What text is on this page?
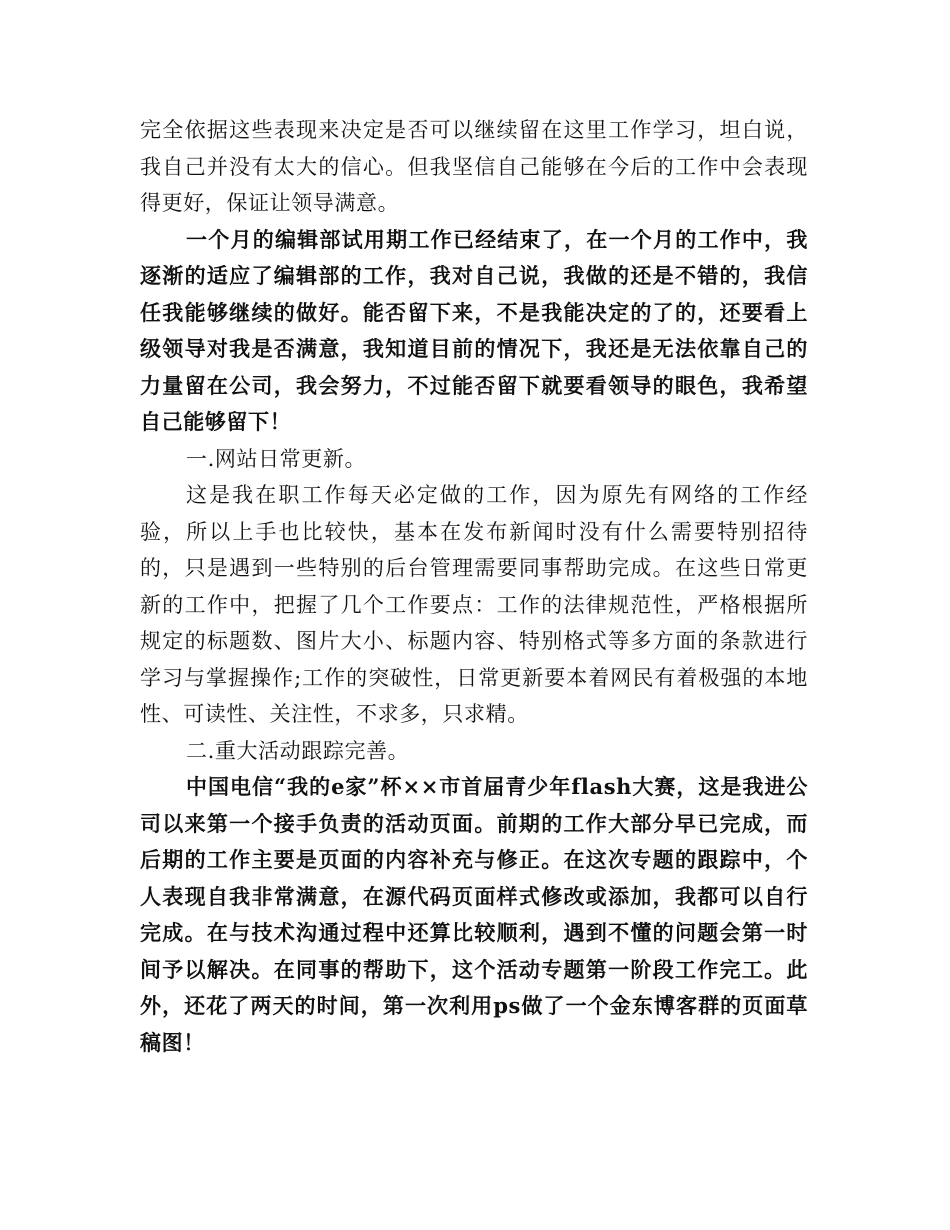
完全依据这些表现来决定是否可以继续留在这里工作学习，坦白说，我自己并没有太大的信心。但我坚信自己能够在今后的工作中会表现得更好，保证让领导满意。

一个月的编辑部试用期工作已经结束了，在一个月的工作中，我逐渐的适应了编辑部的工作，我对自己说，我做的还是不错的，我信任我能够继续的做好。能否留下来，不是我能决定的了的，还要看上级领导对我是否满意，我知道目前的情况下，我还是无法依靠自己的力量留在公司，我会努力，不过能否留下就要看领导的眼色，我希望自己能够留下！

一.网站日常更新。

这是我在职工作每天必定做的工作，因为原先有网络的工作经验，所以上手也比较快，基本在发布新闻时没有什么需要特别招待的，只是遇到一些特别的后台管理需要同事帮助完成。在这些日常更新的工作中，把握了几个工作要点：工作的法律规范性，严格根据所规定的标题数、图片大小、标题内容、特别格式等多方面的条款进行学习与掌握操作;工作的突破性，日常更新要本着网民有着极强的本地性、可读性、关注性，不求多，只求精。

二.重大活动跟踪完善。

中国电信“我的e家”杯××市首届青少年flash大赛，这是我进公司以来第一个接手负责的活动页面。前期的工作大部分早已完成，而后期的工作主要是页面的内容补充与修正。在这次专题的跟踪中，个人表现自我非常满意，在源代码页面样式修改或添加，我都可以自行完成。在与技术沟通过程中还算比较顺利，遇到不懂的问题会第一时间予以解决。在同事的帮助下，这个活动专题第一阶段工作完工。此外，还花了两天的时间，第一次利用ps做了一个金东博客群的页面草稿图！
